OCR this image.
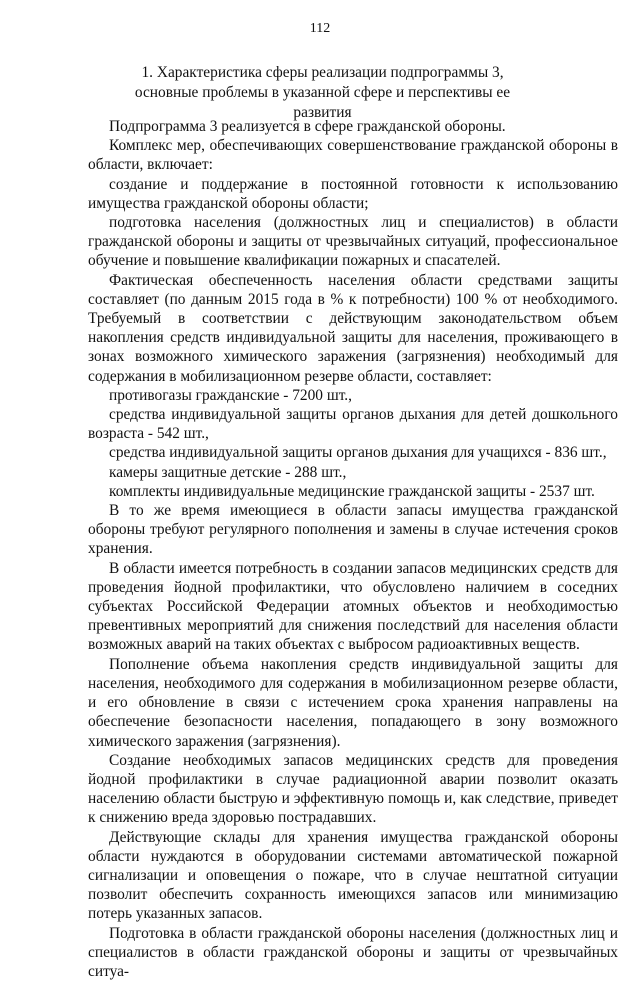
112
1. Характеристика сферы реализации подпрограммы 3, основные проблемы в указанной сфере и перспективы ее развития

Подпрограмма 3 реализуется в сфере гражданской обороны.

Комплекс мер, обеспечивающих совершенствование гражданской обороны в области, включает:

создание и поддержание в постоянной готовности к использованию имущества гражданской обороны области;

подготовка населения (должностных лиц и специалистов) в области гражданской обороны и защиты от чрезвычайных ситуаций, профессиональное обучение и повышение квалификации пожарных и спасателей.

Фактическая обеспеченность населения области средствами защиты составляет (по данным 2015 года в % к потребности) 100 % от необходимого. Требуемый в соответствии с действующим законодательством объем накопления средств индивидуальной защиты для населения, проживающего в зонах возможного химического заражения (загрязнения) необходимый для содержания в мобилизационном резерве области, составляет:

противогазы гражданские - 7200 шт.,

средства индивидуальной защиты органов дыхания для детей дошкольного возраста - 542 шт.,

средства индивидуальной защиты органов дыхания для учащихся - 836 шт.,

камеры защитные детские - 288 шт.,

комплекты индивидуальные медицинские гражданской защиты - 2537 шт.

В то же время имеющиеся в области запасы имущества гражданской обороны требуют регулярного пополнения и замены в случае истечения сроков хранения.

В области имеется потребность в создании запасов медицинских средств для проведения йодной профилактики, что обусловлено наличием в соседних субъектах Российской Федерации атомных объектов и необходимостью превентивных мероприятий для снижения последствий для населения области возможных аварий на таких объектах с выбросом радиоактивных веществ.

Пополнение объема накопления средств индивидуальной защиты для населения, необходимого для содержания в мобилизационном резерве области, и его обновление в связи с истечением срока хранения направлены на обеспечение безопасности населения, попадающего в зону возможного химического заражения (загрязнения).

Создание необходимых запасов медицинских средств для проведения йодной профилактики в случае радиационной аварии позволит оказать населению области быструю и эффективную помощь и, как следствие, приведет к снижению вреда здоровью пострадавших.

Действующие склады для хранения имущества гражданской обороны области нуждаются в оборудовании системами автоматической пожарной сигнализации и оповещения о пожаре, что в случае нештатной ситуации позволит обеспечить сохранность имеющихся запасов или минимизацию потерь указанных запасов.

Подготовка в области гражданской обороны населения (должностных лиц и специалистов в области гражданской обороны и защиты от чрезвычайных ситуа-
